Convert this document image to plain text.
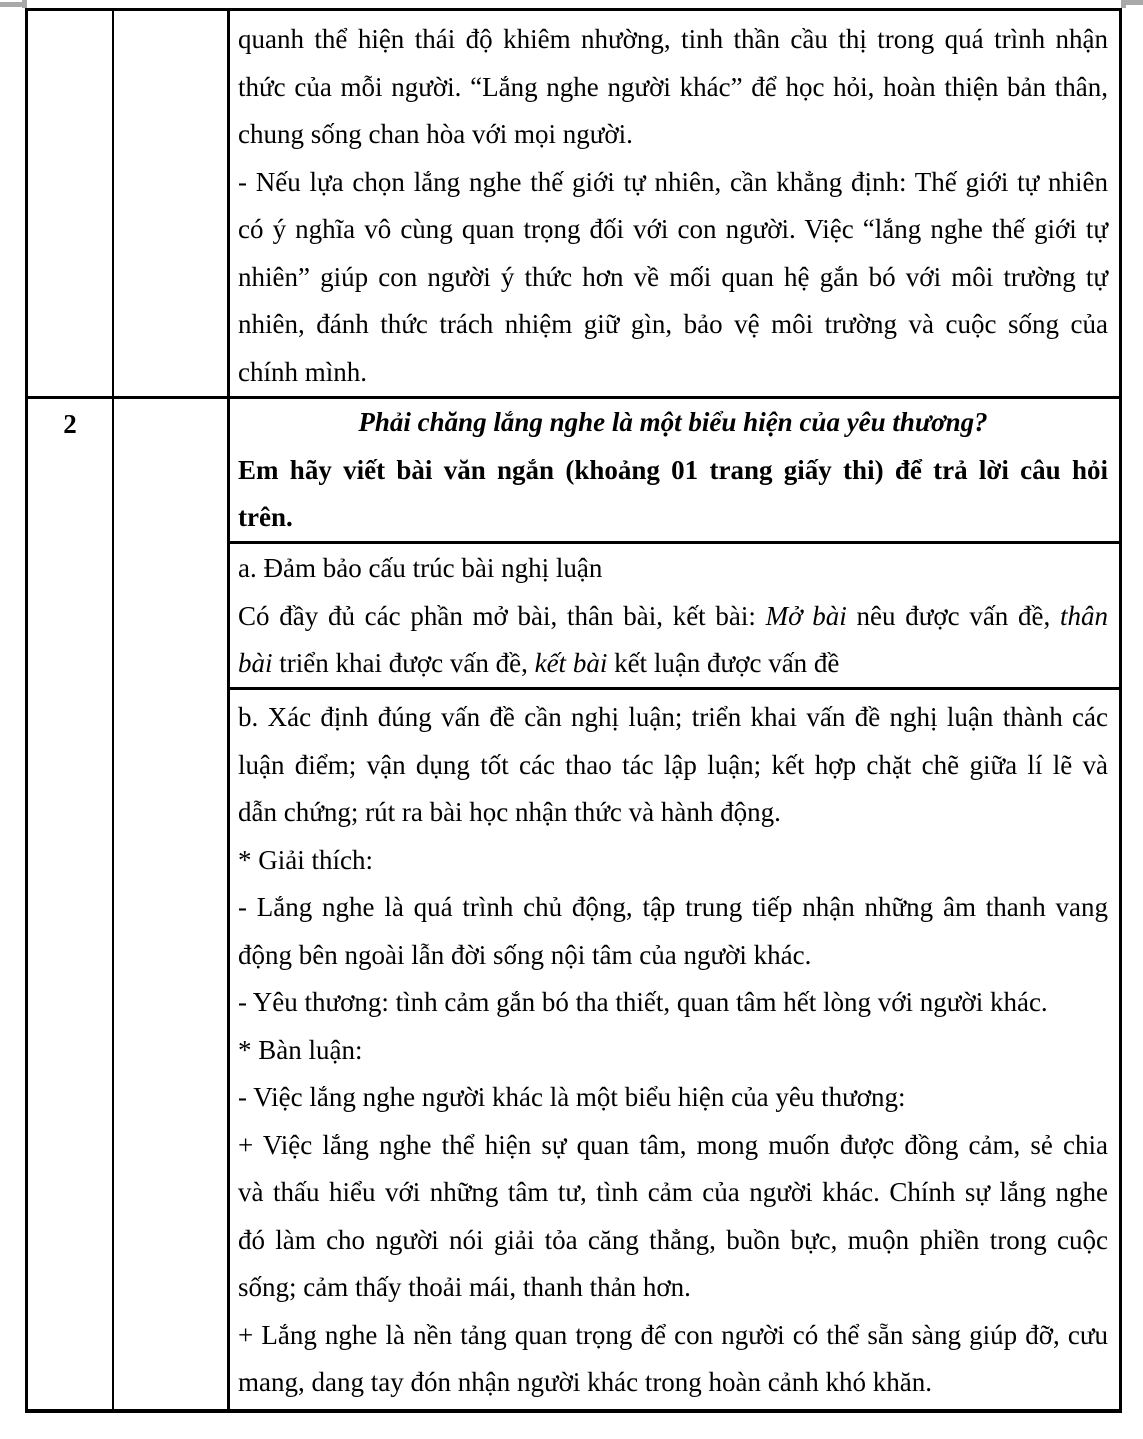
quanh thể hiện thái độ khiêm nhường, tinh thần cầu thị trong quá trình nhận
thức của mỗi người. “Lắng nghe người khác” để học hỏi, hoàn thiện bản thân,
chung sống chan hòa với mọi người.
- Nếu lựa chọn lắng nghe thế giới tự nhiên, cần khẳng định: Thế giới tự nhiên
có ý nghĩa vô cùng quan trọng đối với con người. Việc “lắng nghe thế giới tự
nhiên” giúp con người ý thức hơn về mối quan hệ gắn bó với môi trường tự
nhiên, đánh thức trách nhiệm giữ gìn, bảo vệ môi trường và cuộc sống của
chính mình.
2	Phải chăng lắng nghe là một biểu hiện của yêu thương?
Em hãy viết bài văn ngắn (khoảng 01 trang giấy thi) để trả lời câu hỏi
trên.
a. Đảm bảo cấu trúc bài nghị luận
Có đầy đủ các phần mở bài, thân bài, kết bài: Mở bài nêu được vấn đề, thân
bài triển khai được vấn đề, kết bài kết luận được vấn đề
b. Xác định đúng vấn đề cần nghị luận; triển khai vấn đề nghị luận thành các
luận điểm; vận dụng tốt các thao tác lập luận; kết hợp chặt chẽ giữa lí lẽ và
dẫn chứng; rút ra bài học nhận thức và hành động.
* Giải thích:
- Lắng nghe là quá trình chủ động, tập trung tiếp nhận những âm thanh vang
động bên ngoài lẫn đời sống nội tâm của người khác.
- Yêu thương: tình cảm gắn bó tha thiết, quan tâm hết lòng với người khác.
* Bàn luận:
- Việc lắng nghe người khác là một biểu hiện của yêu thương:
+ Việc lắng nghe thể hiện sự quan tâm, mong muốn được đồng cảm, sẻ chia
và thấu hiểu với những tâm tư, tình cảm của người khác. Chính sự lắng nghe
đó làm cho người nói giải tỏa căng thẳng, buồn bực, muộn phiền trong cuộc
sống; cảm thấy thoải mái, thanh thản hơn.
+ Lắng nghe là nền tảng quan trọng để con người có thể sẵn sàng giúp đỡ, cưu
mang, dang tay đón nhận người khác trong hoàn cảnh khó khăn.
